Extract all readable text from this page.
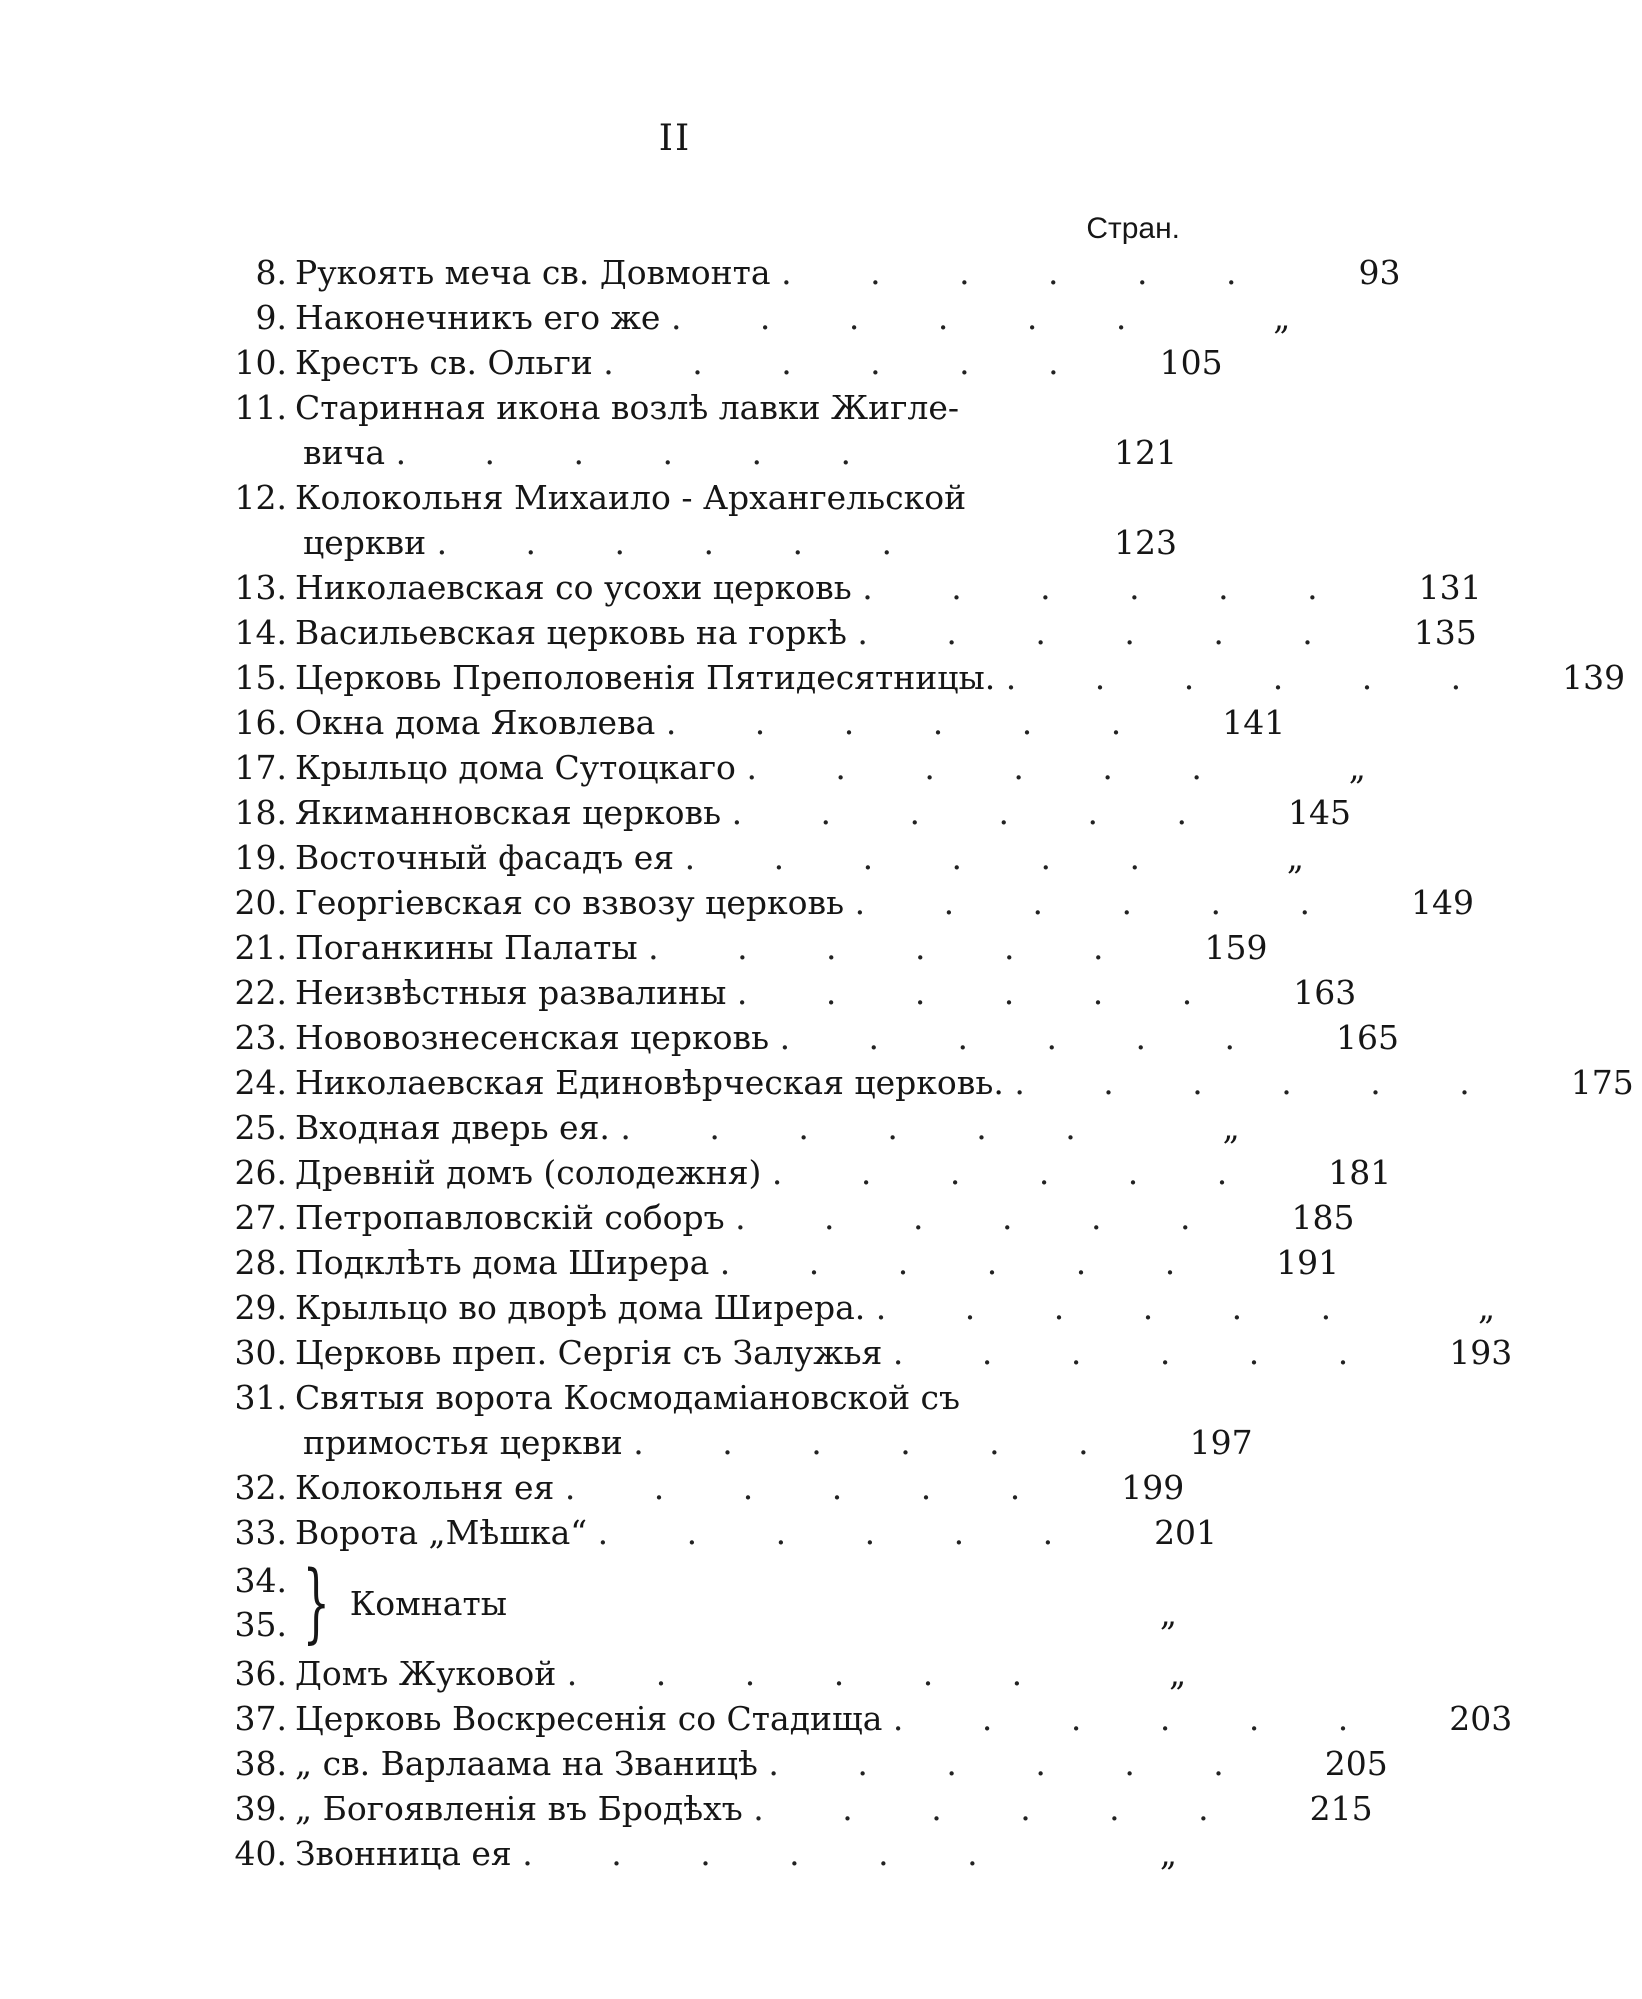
II
Стран.
8. Рукоять меча св. Довмонта . . . . . .	93
9. Наконечникъ его же . . . . . .	„
10. Крестъ св. Ольги . . . . . .	105
11. Старинная икона возлѣ лавки Жигле-
вича . . . . . .	121
12. Колокольня Михаило - Архангельской
церкви . . . . . .	123
13. Николаевская со усохи церковь . . . . . .	131
14. Васильевская церковь на горкѣ . . . . . .	135
15. Церковь Преполовенія Пятидесятницы. . . . . . .	139
16. Окна дома Яковлева . . . . . .	141
17. Крыльцо дома Сутоцкаго . . . . . .	„
18. Якиманновская церковь . . . . . .	145
19. Восточный фасадъ ея . . . . . .	„
20. Георгіевская со взвозу церковь . . . . . .	149
21. Поганкины Палаты . . . . . .	159
22. Неизвѣстныя развалины . . . . . .	163
23. Нововознесенская церковь . . . . . .	165
24. Николаевская Единовѣрческая церковь. . . . . . .	175
25. Входная дверь ея. . . . . . .	„
26. Древній домъ (солодежня) . . . . . .	181
27. Петропавловскій соборъ . . . . . .	185
28. Подклѣть дома Ширера . . . . . .	191
29. Крыльцо во дворѣ дома Ширера. . . . . . .	„
30. Церковь преп. Сергія съ Залужья . . . . . .	193
31. Святыя ворота Космодаміановской съ
примостья церкви . . . . . .	197
32. Колокольня ея . . . . . .	199
33. Ворота „Мѣшка“ . . . . . .	201
34.
35. } Комнаты	„
36. Домъ Жуковой . . . . . .	„
37. Церковь Воскресенія со Стадища . . . . . .	203
38. „ св. Варлаама на Званицѣ . . . . . .	205
39. „ Богоявленія въ Бродѣхъ . . . . . .	215
40. Звонница ея . . . . . .	„
